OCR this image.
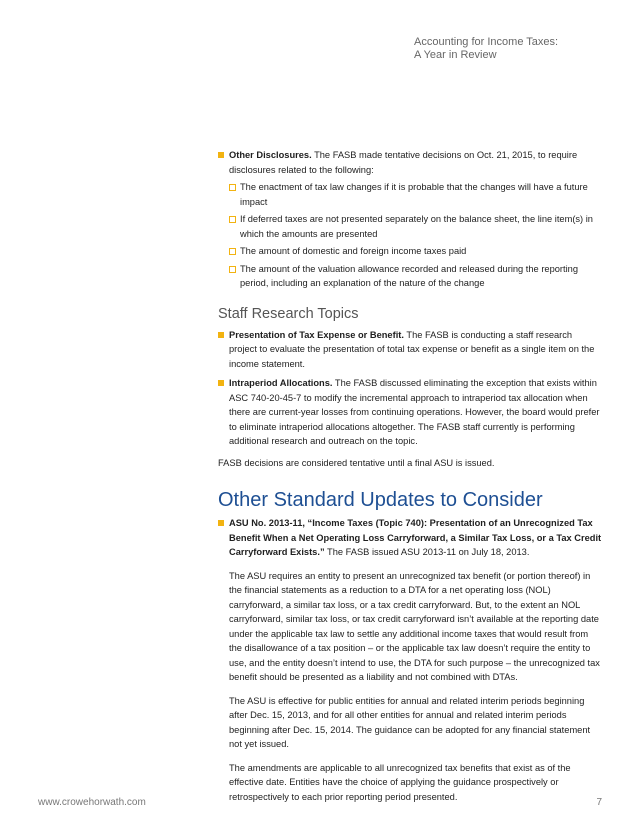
Accounting for Income Taxes:
A Year in Review

Other Disclosures. The FASB made tentative decisions on Oct. 21, 2015, to require disclosures related to the following:

The enactment of tax law changes if it is probable that the changes will have a future impact
If deferred taxes are not presented separately on the balance sheet, the line item(s) in which the amounts are presented
The amount of domestic and foreign income taxes paid
The amount of the valuation allowance recorded and released during the reporting period, including an explanation of the nature of the change
Staff Research Topics

Presentation of Tax Expense or Benefit. The FASB is conducting a staff research project to evaluate the presentation of total tax expense or benefit as a single item on the income statement.

Intraperiod Allocations. The FASB discussed eliminating the exception that exists within ASC 740-20-45-7 to modify the incremental approach to intraperiod tax allocation when there are current-year losses from continuing operations. However, the board would prefer to eliminate intraperiod allocations altogether. The FASB staff currently is performing additional research and outreach on the topic.

FASB decisions are considered tentative until a final ASU is issued.

Other Standard Updates to Consider

ASU No. 2013-11, “Income Taxes (Topic 740): Presentation of an Unrecognized Tax Benefit When a Net Operating Loss Carryforward, a Similar Tax Loss, or a Tax Credit Carryforward Exists.” The FASB issued ASU 2013-11 on July 18, 2013.

The ASU requires an entity to present an unrecognized tax benefit (or portion thereof) in the financial statements as a reduction to a DTA for a net operating loss (NOL) carryforward, a similar tax loss, or a tax credit carryforward. But, to the extent an NOL carryforward, similar tax loss, or tax credit carryforward isn’t available at the reporting date under the applicable tax law to settle any additional income taxes that would result from the disallowance of a tax position – or the applicable tax law doesn’t require the entity to use, and the entity doesn’t intend to use, the DTA for such purpose – the unrecognized tax benefit should be presented as a liability and not combined with DTAs.

The ASU is effective for public entities for annual and related interim periods beginning after Dec. 15, 2013, and for all other entities for annual and related interim periods beginning after Dec. 15, 2014. The guidance can be adopted for any financial statement not yet issued.

The amendments are applicable to all unrecognized tax benefits that exist as of the effective date. Entities have the choice of applying the guidance prospectively or retrospectively to each prior reporting period presented.

www.crowehorwath.com	7
